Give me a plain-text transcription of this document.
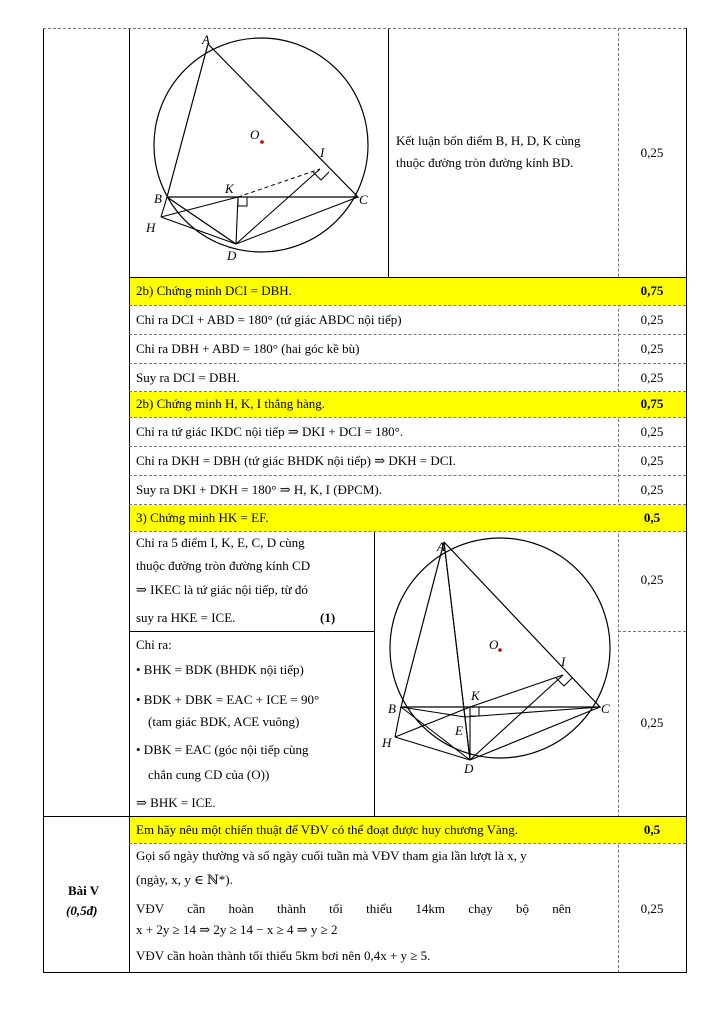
A
O
I
K
B	C
H
D
Kết luận bốn điểm B, H, D, K cùng
thuộc đường tròn đường kính BD.
0,25
2b) Chứng minh DCI = DBH.	0,75
Chỉ ra DCI + ABD = 180° (tứ giác ABDC nội tiếp)	0,25
Chỉ ra DBH + ABD = 180° (hai góc kề bù)	0,25
Suy ra DCI = DBH.	0,25
2b) Chứng minh H, K, I thẳng hàng.	0,75
Chỉ ra tứ giác IKDC nội tiếp ⇒ DKI + DCI = 180°.	0,25
Chỉ ra DKH = DBH (tứ giác BHDK nội tiếp) ⇒ DKH = DCI.	0,25
Suy ra DKI + DKH = 180° ⇒ H, K, I (ĐPCM).	0,25
3) Chứng minh HK = EF.	0,5
Chỉ ra 5 điểm I, K, E, C, D cùng
thuộc đường tròn đường kính CD
⇒ IKEC là tứ giác nội tiếp, từ đó
suy ra HKE = ICE.	(1)
0,25
Chỉ ra:
• BHK = BDK (BHDK nội tiếp)
• BDK + DBK = EAC + ICE = 90°
(tam giác BDK, ACE vuông)
• DBK = EAC (góc nội tiếp cùng
chắn cung CD của (O))
⇒ BHK = ICE.
0,25
A
O
I
K
B	C
E
H
D
Bài V
(0,5đ)
Em hãy nêu một chiến thuật để VĐV có thể đoạt được huy chương Vàng.	0,5
Gọi số ngày thường và số ngày cuối tuần mà VĐV tham gia lần lượt là x, y
(ngày, x, y ∈ ℕ*).
VĐV cần hoàn thành tối thiểu 14km chạy bộ nên
x + 2y ≥ 14 ⇒ 2y ≥ 14 − x ≥ 4 ⇒ y ≥ 2
VĐV cần hoàn thành tối thiểu 5km bơi nên 0,4x + y ≥ 5.
0,25
